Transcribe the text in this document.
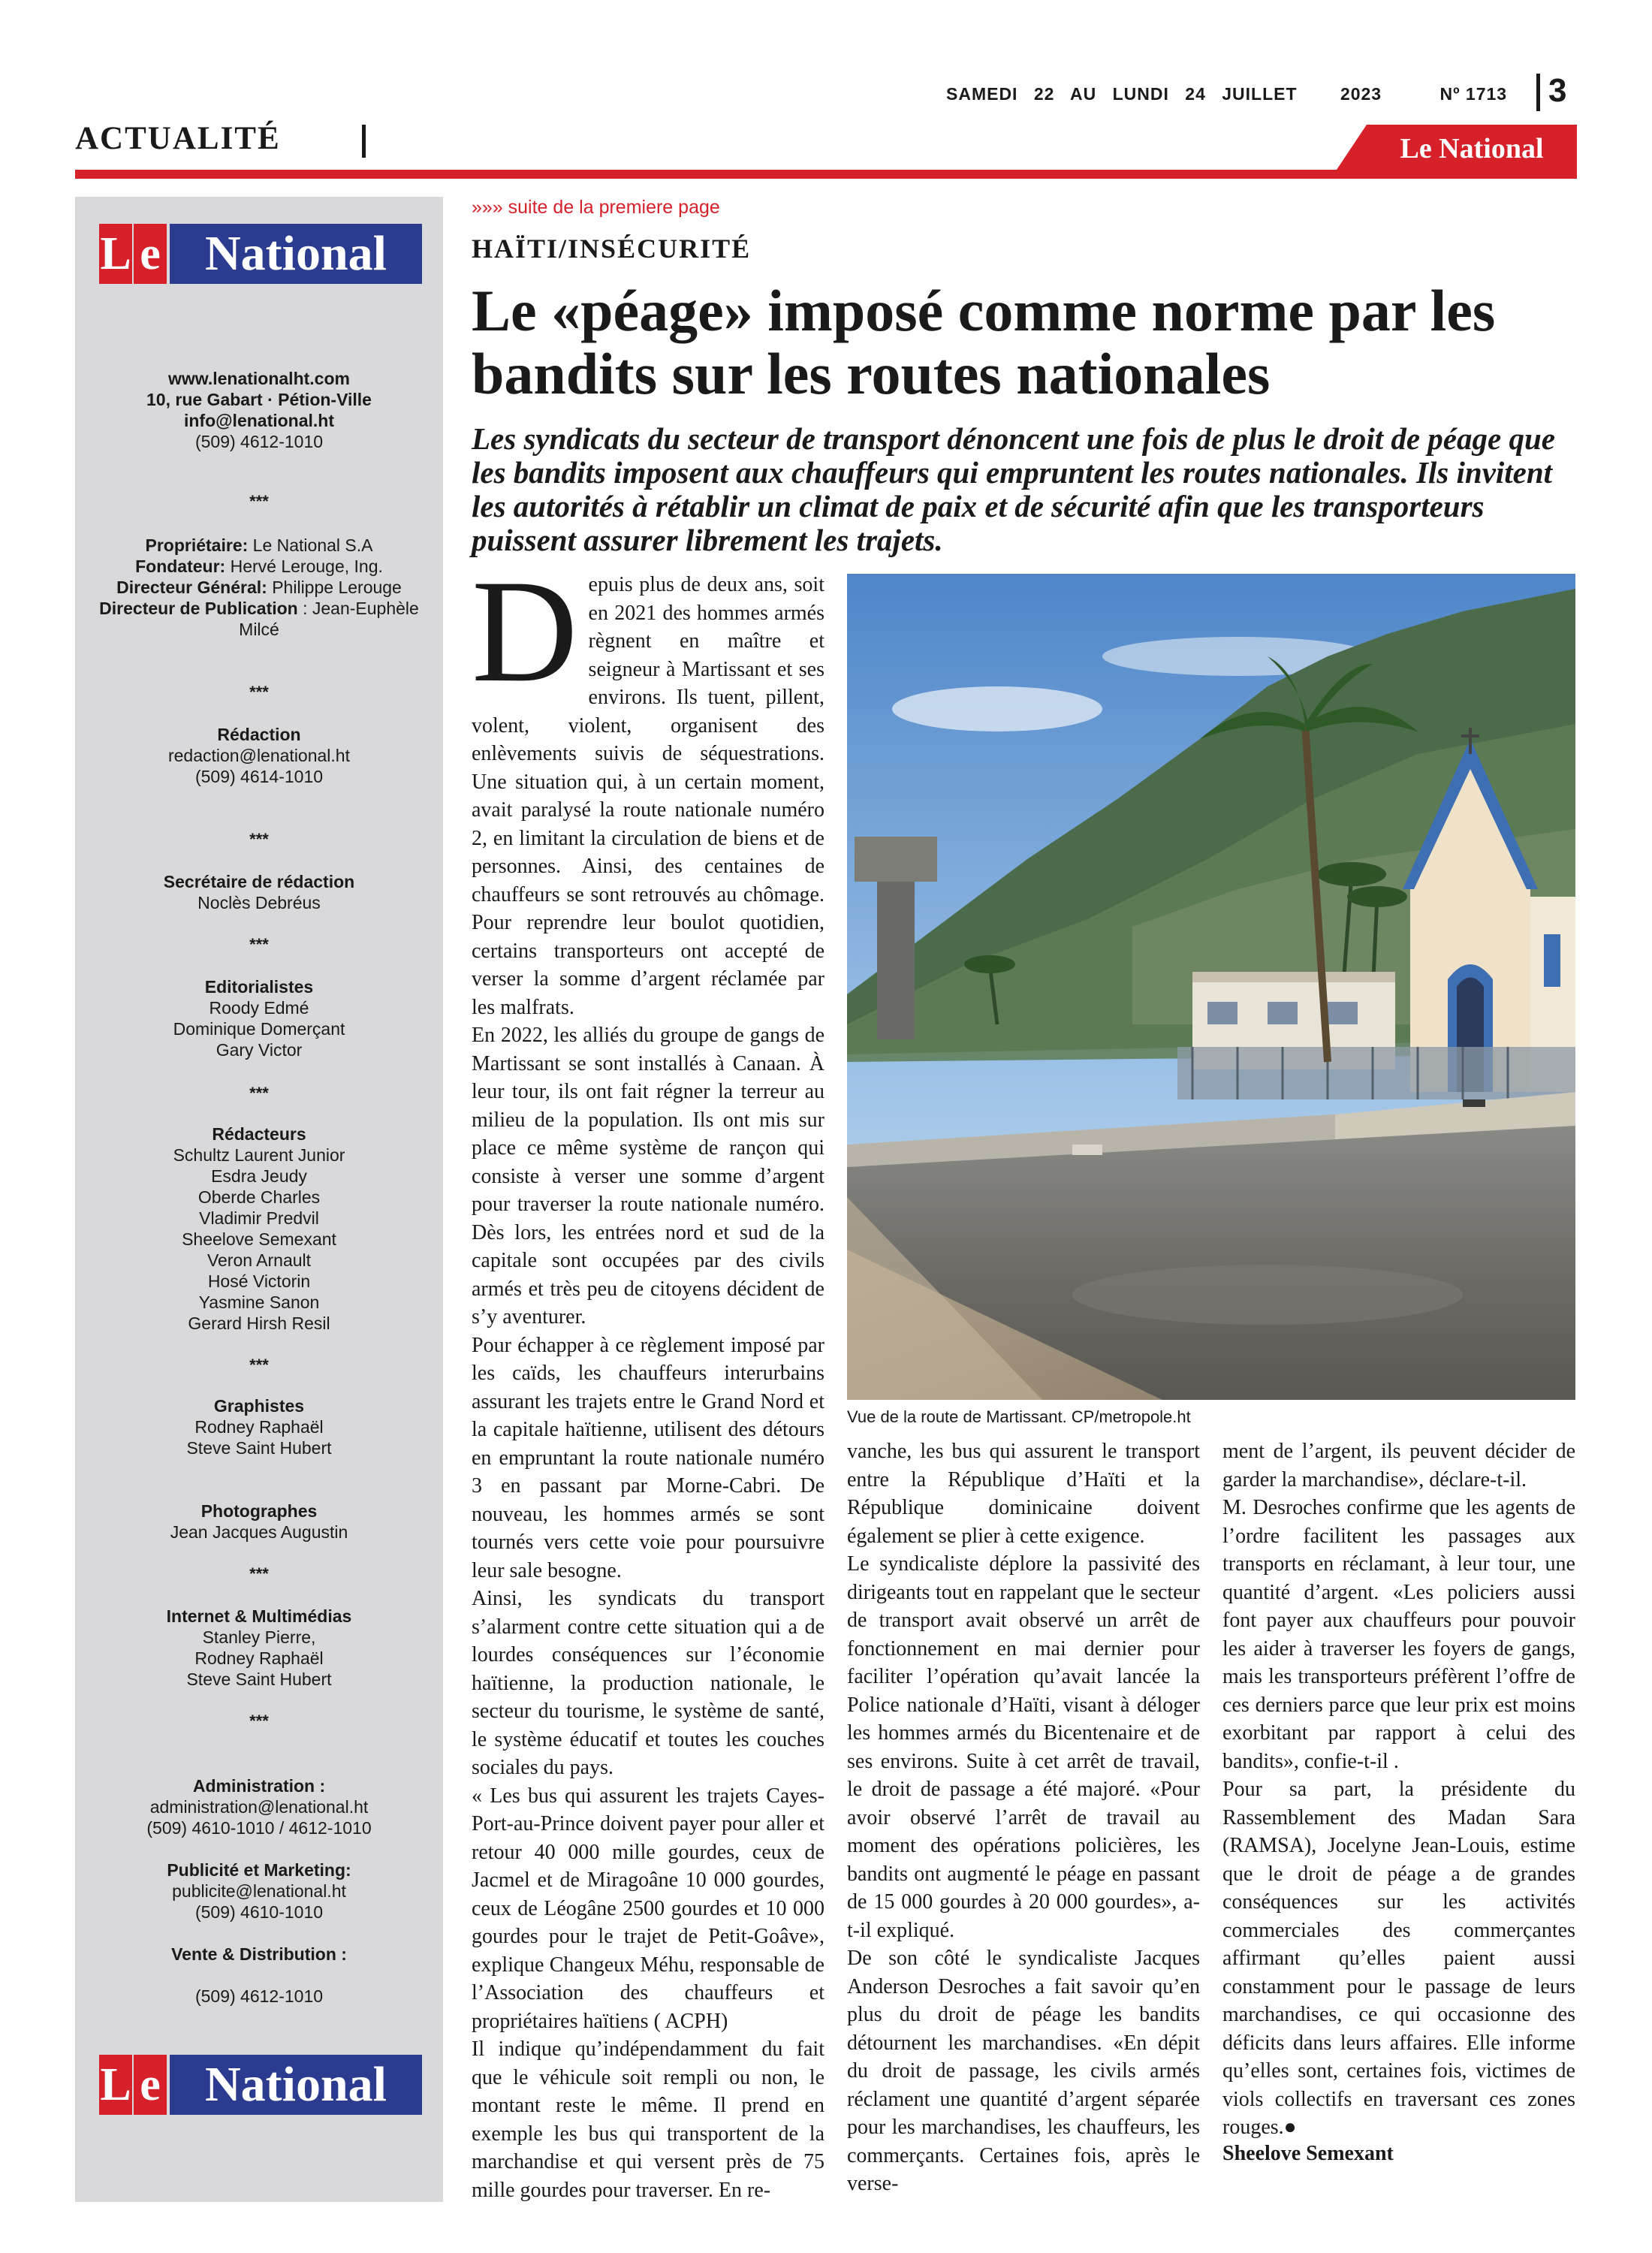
SAMEDI 22 AU LUNDI 24 JUILLET 2023	Nº 1713	3
ACTUALITÉ	Le National
L e National
www.lenationalht.com
10, rue Gabart · Pétion-Ville
info@lenational.ht
(509) 4612-1010
***
Propriétaire: Le National S.A
Fondateur: Hervé Lerouge, Ing.
Directeur Général: Philippe Lerouge
Directeur de Publication : Jean-Euphèle Milcé
***
Rédaction
redaction@lenational.ht
(509) 4614-1010
***
Secrétaire de rédaction
Noclès Debréus
***
Editorialistes
Roody Edmé
Dominique Domerçant
Gary Victor
***
Rédacteurs
Schultz Laurent Junior
Esdra Jeudy
Oberde Charles
Vladimir Predvil
Sheelove Semexant
Veron Arnault
Hosé Victorin
Yasmine Sanon
Gerard Hirsh Resil
***
Graphistes
Rodney Raphaël
Steve Saint Hubert
Photographes
Jean Jacques Augustin
***
Internet & Multimédias
Stanley Pierre,
Rodney Raphaël
Steve Saint Hubert
***
Administration :
administration@lenational.ht
(509) 4610-1010 / 4612-1010
Publicité et Marketing:
publicite@lenational.ht
(509) 4610-1010
Vente & Distribution :
(509) 4612-1010
L e National
»»» suite de la premiere page
HAÏTI/INSÉCURITÉ
Le «péage» imposé comme norme par les bandits sur les routes nationales
Les syndicats du secteur de transport dénoncent une fois de plus le droit de péage que les bandits imposent aux chauffeurs qui empruntent les routes nationales. Ils invitent les autorités à rétablir un climat de paix et de sécurité afin que les transporteurs puissent assurer librement les trajets.

Depuis plus de deux ans, soit en 2021 des hommes armés règnent en maître et seigneur à Martissant et ses environs. Ils tuent, pillent, volent, violent, organisent des enlèvements suivis de séquestrations. Une situation qui, à un certain moment, avait paralysé la route nationale numéro 2, en limitant la circulation de biens et de personnes. Ainsi, des centaines de chauffeurs se sont retrouvés au chômage. Pour reprendre leur boulot quotidien, certains transporteurs ont accepté de verser la somme d’argent réclamée par les malfrats.

En 2022, les alliés du groupe de gangs de Martissant se sont installés à Canaan. À leur tour, ils ont fait régner la terreur au milieu de la population. Ils ont mis sur place ce même système de rançon qui consiste à verser une somme d’argent pour traverser la route nationale numéro. Dès lors, les entrées nord et sud de la capitale sont occupées par des civils armés et très peu de citoyens décident de s’y aventurer.

Pour échapper à ce règlement imposé par les caïds, les chauffeurs interurbains assurant les trajets entre le Grand Nord et la capitale haïtienne, utilisent des détours en empruntant la route nationale numéro 3 en passant par Morne-Cabri. De nouveau, les hommes armés se sont tournés vers cette voie pour poursuivre leur sale besogne.

Ainsi, les syndicats du transport s’alarment contre cette situation qui a de lourdes conséquences sur l’économie haïtienne, la production nationale, le secteur du tourisme, le système de santé, le système éducatif et toutes les couches sociales du pays.

« Les bus qui assurent les trajets Cayes-Port-au-Prince doivent payer pour aller et retour 40 000 mille gourdes, ceux de Jacmel et de Miragoâne 10 000 gourdes, ceux de Léogâne 2500 gourdes et 10 000 gourdes pour le trajet de Petit-Goâve», explique Changeux Méhu, responsable de l’Association des chauffeurs et propriétaires haïtiens ( ACPH)

Il indique qu’indépendamment du fait que le véhicule soit rempli ou non, le montant reste le même. Il prend en exemple les bus qui transportent de la marchandise et qui versent près de 75 mille gourdes pour traverser. En re-

Vue de la route de Martissant. CP/metropole.ht

vanche, les bus qui assurent le transport entre la République d’Haïti et la République dominicaine doivent également se plier à cette exigence.

Le syndicaliste déplore la passivité des dirigeants tout en rappelant que le secteur de transport avait observé un arrêt de fonctionnement en mai dernier pour faciliter l’opération qu’avait lancée la Police nationale d’Haïti, visant à déloger les hommes armés du Bicentenaire et de ses environs. Suite à cet arrêt de travail, le droit de passage a été majoré. «Pour avoir observé l’arrêt de travail au moment des opérations policières, les bandits ont augmenté le péage en passant de 15 000 gourdes à 20 000 gourdes», a-t-il expliqué.

De son côté le syndicaliste Jacques Anderson Desroches a fait savoir qu’en plus du droit de péage les bandits détournent les marchandises. «En dépit du droit de passage, les civils armés réclament une quantité d’argent séparée pour les marchandises, les chauffeurs, les commerçants. Certaines fois, après le verse-

ment de l’argent, ils peuvent décider de garder la marchandise», déclare-t-il.

M. Desroches confirme que les agents de l’ordre facilitent les passages aux transports en réclamant, à leur tour, une quantité d’argent. «Les policiers aussi font payer aux chauffeurs pour pouvoir les aider à traverser les foyers de gangs, mais les transporteurs préfèrent l’offre de ces derniers parce que leur prix est moins exorbitant par rapport à celui des bandits», confie-t-il .

Pour sa part, la présidente du Rassemblement des Madan Sara (RAMSA), Jocelyne Jean-Louis, estime que le droit de péage a de grandes conséquences sur les activités commerciales des commerçantes affirmant qu’elles paient aussi constamment pour le passage de leurs marchandises, ce qui occasionne des déficits dans leurs affaires. Elle informe qu’elles sont, certaines fois, victimes de viols collectifs en traversant ces zones rouges.●

Sheelove Semexant
